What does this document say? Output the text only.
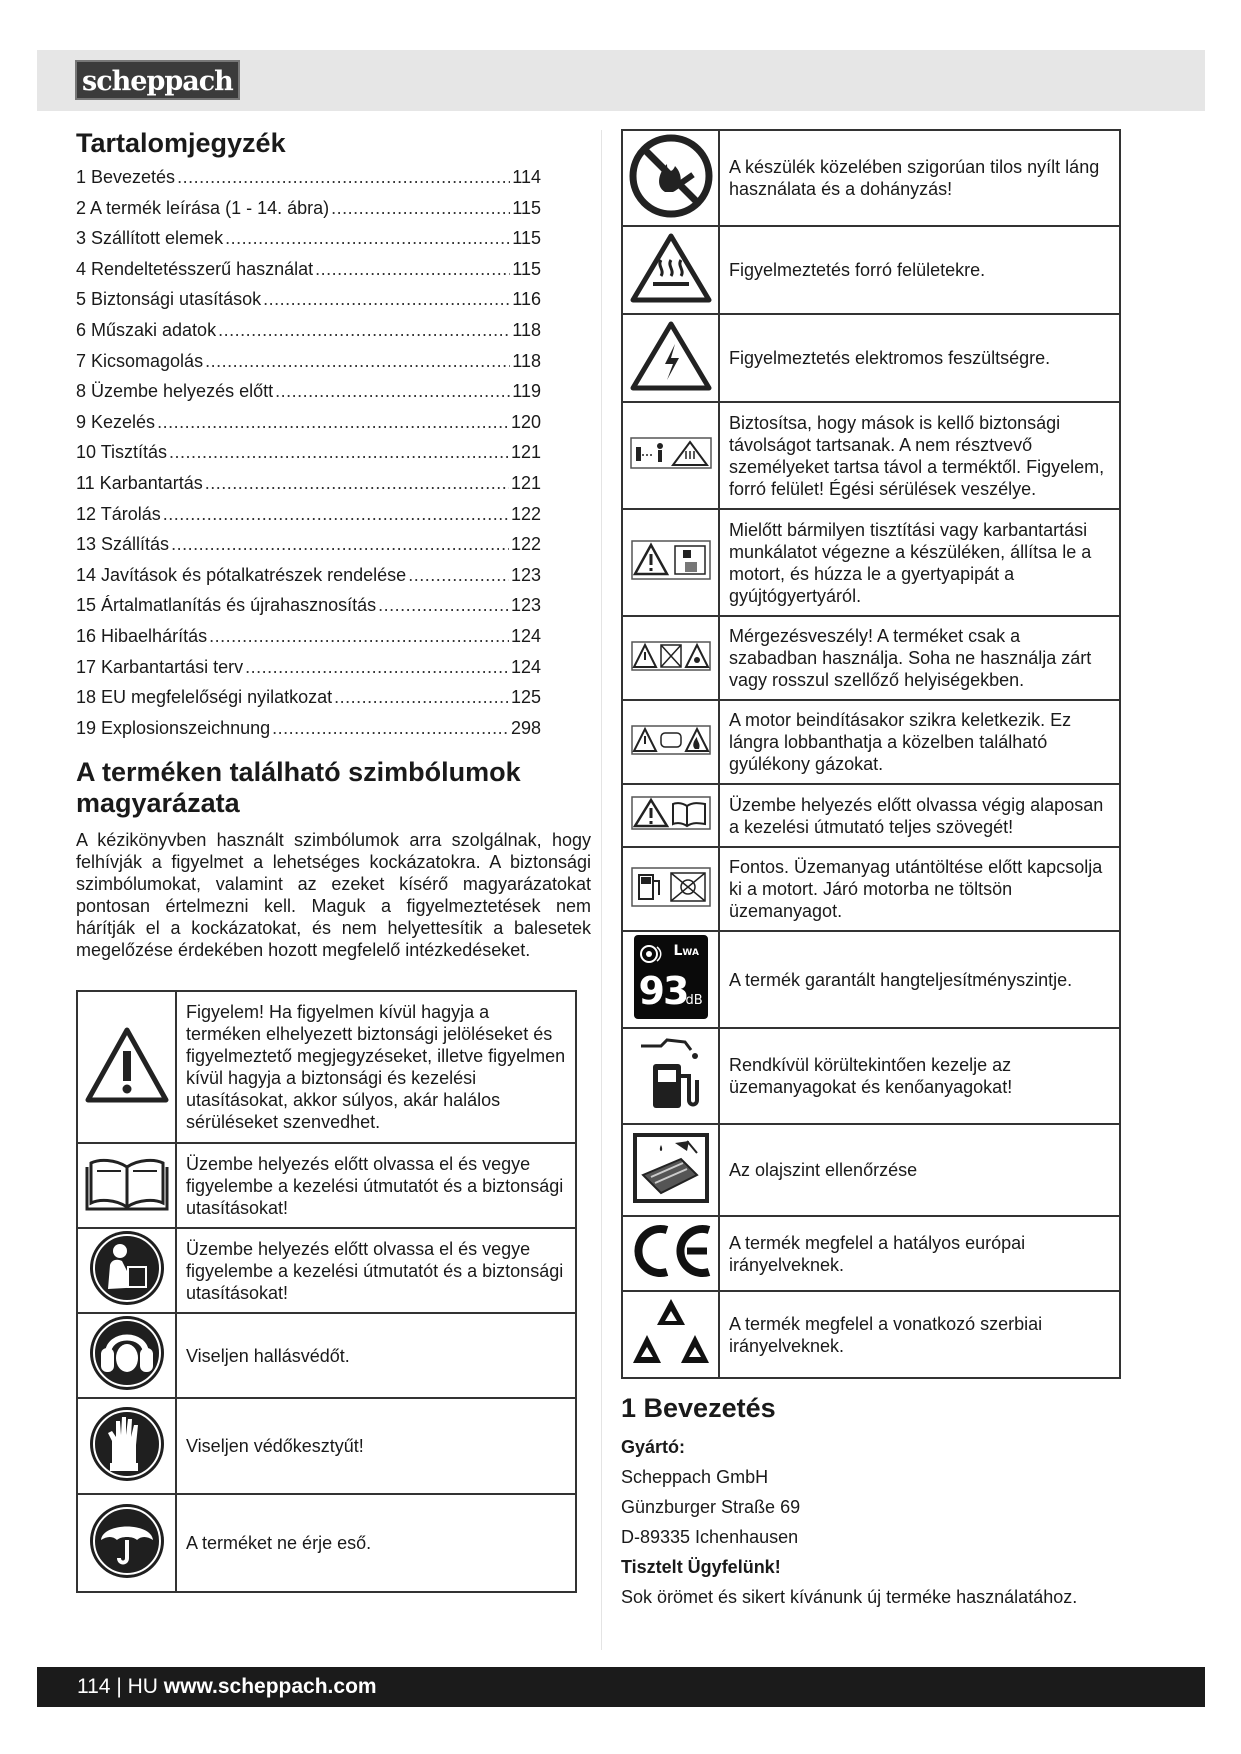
scheppach
Tartalomjegyzék
1 Bevezetés .....	114
2 A termék leírása (1 - 14. ábra) .....	115
3 Szállított elemek .....	115
4 Rendeltetésszerű használat .....	115
5 Biztonsági utasítások .....	116
6 Műszaki adatok .....	118
7 Kicsomagolás .....	118
8 Üzembe helyezés előtt .....	119
9 Kezelés .....	120
10 Tisztítás .....	121
11 Karbantartás .....	121
12 Tárolás .....	122
13 Szállítás .....	122
14 Javítások és pótalkatrészek rendelése .....	123
15 Ártalmatlanítás és újrahasznosítás .....	123
16 Hibaelhárítás .....	124
17 Karbantartási terv .....	124
18 EU megfelelőségi nyilatkozat .....	125
19 Explosionszeichnung .....	298
A terméken található szimbólumok magyarázata

A kézikönyvben használt szimbólumok arra szolgálnak, hogy felhívják a figyelmet a lehetséges kockázatokra. A biztonsági szimbólumokat, valamint az ezeket kísérő magyarázatokat pontosan értelmezni kell. Maguk a figyelmeztetések nem hárítják el a kockázatokat, és nem helyettesítik a balesetek megelőzése érdekében hozott megfelelő intézkedéseket.

	Figyelem! Ha figyelmen kívül hagyja a terméken elhelyezett biztonsági jelöléseket és figyelmeztető megjegyzéseket, illetve figyelmen kívül hagyja a biztonsági és kezelési utasításokat, akkor súlyos, akár halálos sérüléseket szenvedhet.
	Üzembe helyezés előtt olvassa el és vegye figyelembe a kezelési útmutatót és a biztonsági utasításokat!
	Üzembe helyezés előtt olvassa el és vegye figyelembe a kezelési útmutatót és a biztonsági utasításokat!
	Viseljen hallásvédőt.
	Viseljen védőkesztyűt!
	A terméket ne érje eső.
	A készülék közelében szigorúan tilos nyílt láng használata és a dohányzás!
	Figyelmeztetés forró felületekre.
	Figyelmeztetés elektromos feszültségre.
	Biztosítsa, hogy mások is kellő biztonsági távolságot tartsanak. A nem résztvevő személyeket tartsa távol a terméktől. Figyelem, forró felület! Égési sérülések veszélye.
	Mielőtt bármilyen tisztítási vagy karbantartási munkálatot végezne a készüléken, állítsa le a motort, és húzza le a gyertyapipát a gyújtógyertyáról.
	Mérgezésveszély! A terméket csak a szabadban használja. Soha ne használja zárt vagy rosszul szellőző helyiségekben.
	A motor beindításakor szikra keletkezik. Ez lángra lobbanthatja a közelben található gyúlékony gázokat.
	Üzembe helyezés előtt olvassa végig alaposan a kezelési útmutató teljes szövegét!
	Fontos. Üzemanyag utántöltése előtt kapcsolja ki a motort. Járó motorba ne töltsön üzemanyagot.

LWA
93
dB	A termék garantált hangteljesítményszintje.
	Rendkívül körültekintően kezelje az üzemanyagokat és kenőanyagokat!
	Az olajszint ellenőrzése
	A termék megfelel a hatályos európai irányelveknek.
	A termék megfelel a vonatkozó szerbiai irányelveknek.
1 Bevezetés
Gyártó:
Scheppach GmbH
Günzburger Straße 69
D-89335 Ichenhausen
Tisztelt Ügyfelünk!
Sok örömet és sikert kívánunk új terméke használatához.
114 | HU www.scheppach.com
